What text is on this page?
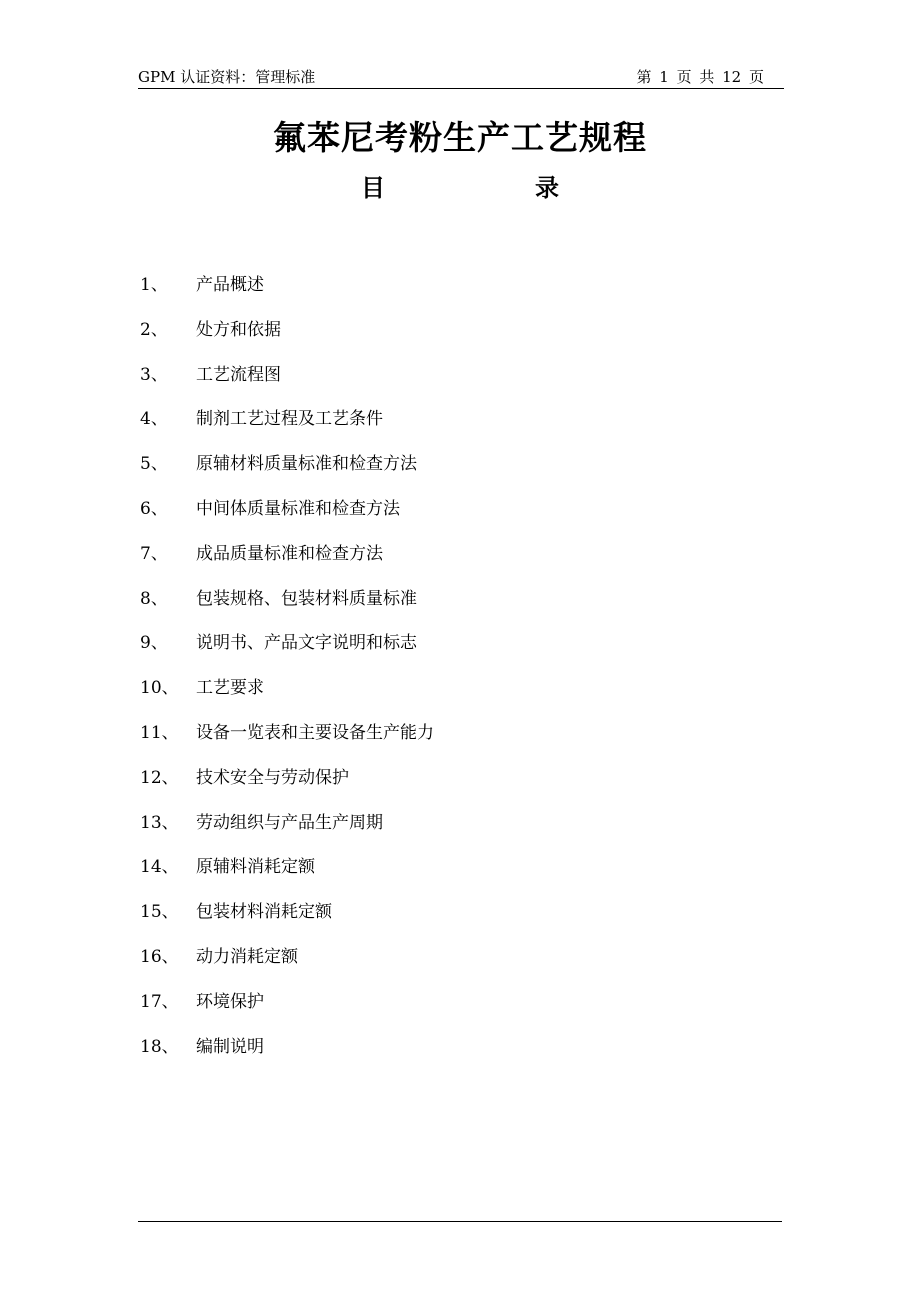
GPM 认证资料：管理标准	第 1 页 共 12 页
氟苯尼考粉生产工艺规程
目录
1、 产品概述
2、 处方和依据
3、 工艺流程图
4、 制剂工艺过程及工艺条件
5、 原辅材料质量标准和检查方法
6、 中间体质量标准和检查方法
7、 成品质量标准和检查方法
8、 包装规格、包装材料质量标准
9、 说明书、产品文字说明和标志
10、 工艺要求
11、 设备一览表和主要设备生产能力
12、 技术安全与劳动保护
13、 劳动组织与产品生产周期
14、 原辅料消耗定额
15、 包装材料消耗定额
16、 动力消耗定额
17、 环境保护
18、 编制说明
